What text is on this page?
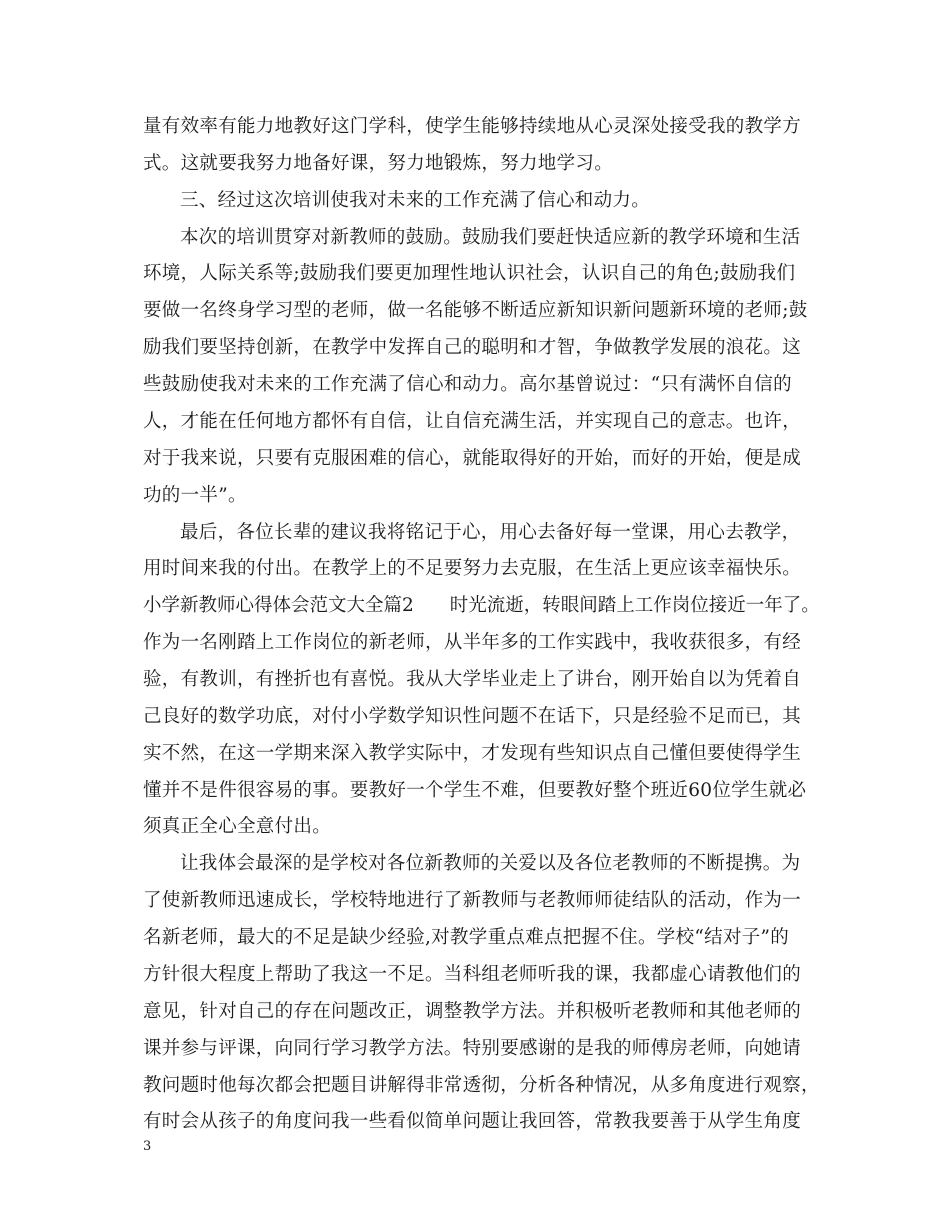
量有效率有能力地教好这门学科，使学生能够持续地从心灵深处接受我的教学方
式。这就要我努力地备好课，努力地锻炼，努力地学习。
三、经过这次培训使我对未来的工作充满了信心和动力。
本次的培训贯穿对新教师的鼓励。鼓励我们要赶快适应新的教学环境和生活
环境，人际关系等;鼓励我们要更加理性地认识社会，认识自己的角色;鼓励我们
要做一名终身学习型的老师，做一名能够不断适应新知识新问题新环境的老师;鼓
励我们要坚持创新，在教学中发挥自己的聪明和才智，争做教学发展的浪花。这
些鼓励使我对未来的工作充满了信心和动力。高尔基曾说过：“只有满怀自信的
人，才能在任何地方都怀有自信，让自信充满生活，并实现自己的意志。也许，
对于我来说，只要有克服困难的信心，就能取得好的开始，而好的开始，便是成
功的一半”。
最后，各位长辈的建议我将铭记于心，用心去备好每一堂课，用心去教学，
用时间来我的付出。在教学上的不足要努力去克服，在生活上更应该幸福快乐。
小学新教师心得体会范文大全篇2 时光流逝，转眼间踏上工作岗位接近一年了。
作为一名刚踏上工作岗位的新老师，从半年多的工作实践中，我收获很多，有经
验，有教训，有挫折也有喜悦。我从大学毕业走上了讲台，刚开始自以为凭着自
己良好的数学功底，对付小学数学知识性问题不在话下，只是经验不足而已，其
实不然，在这一学期来深入教学实际中，才发现有些知识点自己懂但要使得学生
懂并不是件很容易的事。要教好一个学生不难，但要教好整个班近60位学生就必
须真正全心全意付出。
让我体会最深的是学校对各位新教师的关爱以及各位老教师的不断提携。为
了使新教师迅速成长，学校特地进行了新教师与老教师师徒结队的活动，作为一
名新老师，最大的不足是缺少经验,对教学重点难点把握不住。学校“结对子”的
方针很大程度上帮助了我这一不足。当科组老师听我的课，我都虚心请教他们的
意见，针对自己的存在问题改正，调整教学方法。并积极听老教师和其他老师的
课并参与评课，向同行学习教学方法。特别要感谢的是我的师傅房老师，向她请
教问题时他每次都会把题目讲解得非常透彻，分析各种情况，从多角度进行观察，
有时会从孩子的角度问我一些看似简单问题让我回答，常教我要善于从学生角度
3
